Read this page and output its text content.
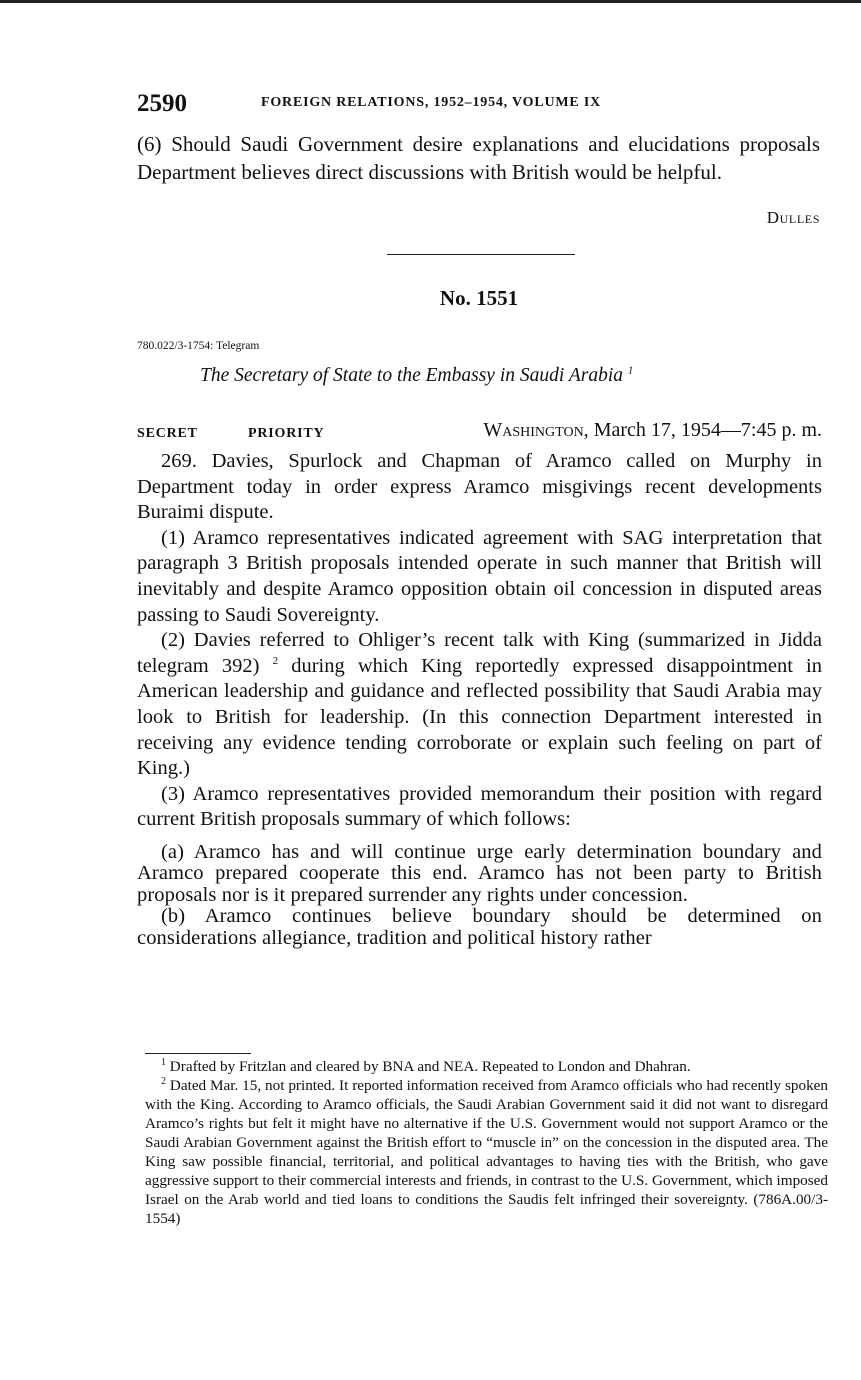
2590	FOREIGN RELATIONS, 1952–1954, VOLUME IX

(6) Should Saudi Government desire explanations and elucidations proposals Department believes direct discussions with British would be helpful.

Dulles

No. 1551

780.022/3-1754: Telegram

The Secretary of State to the Embassy in Saudi Arabia $^1$

SECRET	PRIORITY	Washington, March 17, 1954—7:45 p. m.

269. Davies, Spurlock and Chapman of Aramco called on Murphy in Department today in order express Aramco misgivings recent developments Buraimi dispute.

(1) Aramco representatives indicated agreement with SAG interpretation that paragraph 3 British proposals intended operate in such manner that British will inevitably and despite Aramco opposition obtain oil concession in disputed areas passing to Saudi Sovereignty.

(2) Davies referred to Ohliger’s recent talk with King (summarized in Jidda telegram 392) $^2$ during which King reportedly expressed disappointment in American leadership and guidance and reflected possibility that Saudi Arabia may look to British for leadership. (In this connection Department interested in receiving any evidence tending corroborate or explain such feeling on part of King.)

(3) Aramco representatives provided memorandum their position with regard current British proposals summary of which follows:

(a) Aramco has and will continue urge early determination boundary and Aramco prepared cooperate this end. Aramco has not been party to British proposals nor is it prepared surrender any rights under concession.

(b) Aramco continues believe boundary should be determined on considerations allegiance, tradition and political history rather

$^1$ Drafted by Fritzlan and cleared by BNA and NEA. Repeated to London and Dhahran.

$^2$ Dated Mar. 15, not printed. It reported information received from Aramco officials who had recently spoken with the King. According to Aramco officials, the Saudi Arabian Government said it did not want to disregard Aramco’s rights but felt it might have no alternative if the U.S. Government would not support Aramco or the Saudi Arabian Government against the British effort to “muscle in” on the concession in the disputed area. The King saw possible financial, territorial, and political advantages to having ties with the British, who gave aggressive support to their commercial interests and friends, in contrast to the U.S. Government, which imposed Israel on the Arab world and tied loans to conditions the Saudis felt infringed their sovereignty. (786A.00/3-1554)
